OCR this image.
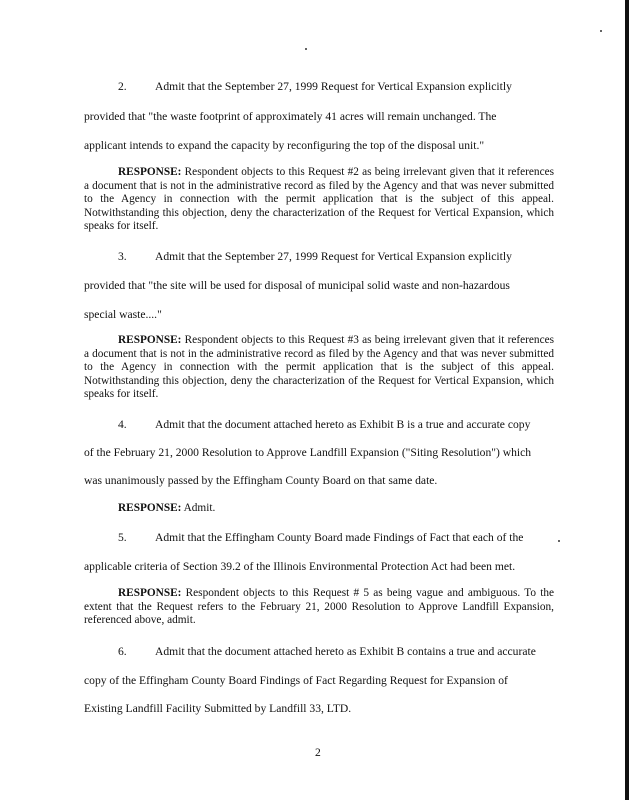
2. Admit that the September 27, 1999 Request for Vertical Expansion explicitly
provided that "the waste footprint of approximately 41 acres will remain unchanged. The
applicant intends to expand the capacity by reconfiguring the top of the disposal unit."

RESPONSE: Respondent objects to this Request #2 as being irrelevant given that it references a document that is not in the administrative record as filed by the Agency and that was never submitted to the Agency in connection with the permit application that is the subject of this appeal. Notwithstanding this objection, deny the characterization of the Request for Vertical Expansion, which speaks for itself.

3. Admit that the September 27, 1999 Request for Vertical Expansion explicitly
provided that "the site will be used for disposal of municipal solid waste and non-hazardous
special waste...."

RESPONSE: Respondent objects to this Request #3 as being irrelevant given that it references a document that is not in the administrative record as filed by the Agency and that was never submitted to the Agency in connection with the permit application that is the subject of this appeal. Notwithstanding this objection, deny the characterization of the Request for Vertical Expansion, which speaks for itself.

4. Admit that the document attached hereto as Exhibit B is a true and accurate copy
of the February 21, 2000 Resolution to Approve Landfill Expansion ("Siting Resolution") which
was unanimously passed by the Effingham County Board on that same date.

RESPONSE: Admit.

5. Admit that the Effingham County Board made Findings of Fact that each of the
applicable criteria of Section 39.2 of the Illinois Environmental Protection Act had been met.

RESPONSE: Respondent objects to this Request # 5 as being vague and ambiguous. To the extent that the Request refers to the February 21, 2000 Resolution to Approve Landfill Expansion, referenced above, admit.

6. Admit that the document attached hereto as Exhibit B contains a true and accurate
copy of the Effingham County Board Findings of Fact Regarding Request for Expansion of
Existing Landfill Facility Submitted by Landfill 33, LTD.
2
